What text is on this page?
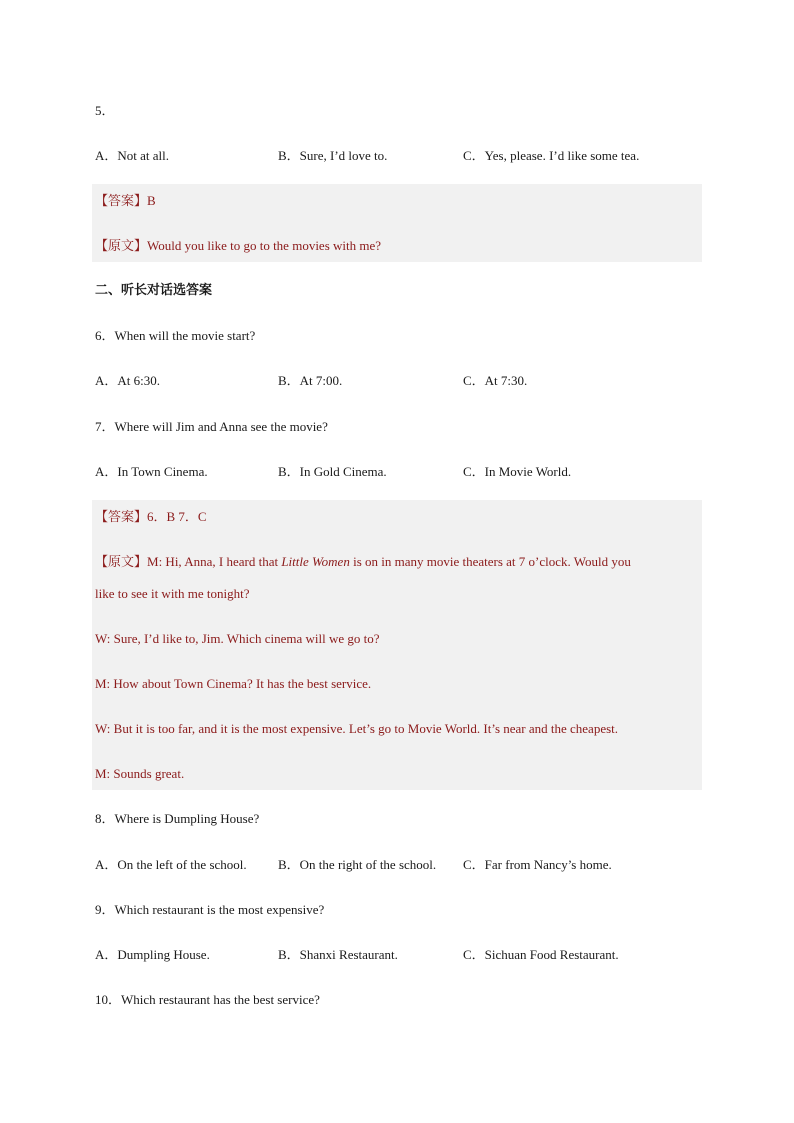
5．
A．Not at all.	B．Sure, I’d love to.	C．Yes, please. I’d like some tea.
【答案】B
【原文】Would you like to go to the movies with me?
二、听长对话选答案
6．When will the movie start?
A．At 6:30.	B．At 7:00.	C．At 7:30.
7．Where will Jim and Anna see the movie?
A．In Town Cinema.	B．In Gold Cinema.	C．In Movie World.
【答案】6．B 7．C
【原文】M: Hi, Anna, I heard that Little Women is on in many movie theaters at 7 o’clock. Would you
like to see it with me tonight?
W: Sure, I’d like to, Jim. Which cinema will we go to?
M: How about Town Cinema? It has the best service.
W: But it is too far, and it is the most expensive. Let’s go to Movie World. It’s near and the cheapest.
M: Sounds great.
8．Where is Dumpling House?
A．On the left of the school. B．On the right of the school. C．Far from Nancy’s home.
9．Which restaurant is the most expensive?
A．Dumpling House.	B．Shanxi Restaurant.	C．Sichuan Food Restaurant.
10．Which restaurant has the best service?
